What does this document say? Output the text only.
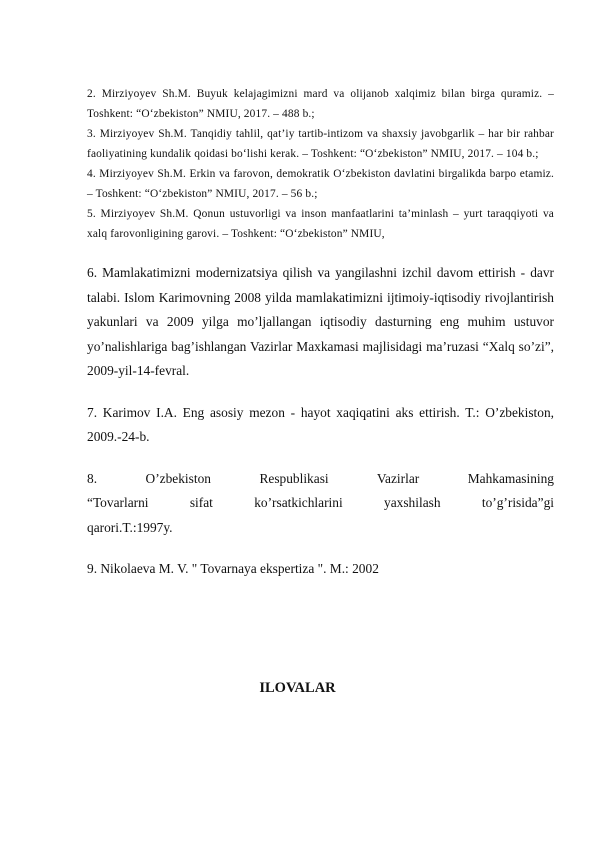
2. Mirziyoyev Sh.M. Buyuk kelajagimizni mard va olijanob xalqimiz bilan birga quramiz. – Toshkent: “O‘zbekiston” NMIU, 2017. – 488 b.;

3. Mirziyoyev Sh.M. Tanqidiy tahlil, qat’iy tartib-intizom va shaxsiy javobgarlik – har bir rahbar faoliyatining kundalik qoidasi bo‘lishi kerak. – Toshkent: “O‘zbekiston” NMIU, 2017. – 104 b.;

4. Mirziyoyev Sh.M. Erkin va farovon, demokratik O‘zbekiston davlatini birgalikda barpo etamiz. – Toshkent: “O‘zbekiston” NMIU, 2017. – 56 b.;

5. Mirziyoyev Sh.M. Qonun ustuvorligi va inson manfaatlarini ta’minlash – yurt taraqqiyoti va xalq farovonligining garovi. – Toshkent: “O‘zbekiston” NMIU,

6. Mamlakatimizni modernizatsiya qilish va yangilashni izchil davom ettirish - davr talabi. Islom Karimovning 2008 yilda mamlakatimizni ijtimoiy-iqtisodiy rivojlantirish yakunlari va 2009 yilga mo’ljallangan iqtisodiy dasturning eng muhim ustuvor yo’nalishlariga bag’ishlangan Vazirlar Maxkamasi majlisidagi ma’ruzasi “Xalq so’zi”, 2009-yil-14-fevral.

7. Karimov I.A. Eng asosiy mezon - hayot xaqiqatini aks ettirish. T.: O’zbekiston, 2009.-24-b.

8. O’zbekiston Respublikasi Vazirlar Mahkamasining “Tovarlarni sifat ko’rsatkichlarini yaxshilash to’g’risida”gi qarori.T.:1997y.

9. Nikolaeva M. V. " Tovarnaya ekspertiza ". M.: 2002

ILOVALAR
